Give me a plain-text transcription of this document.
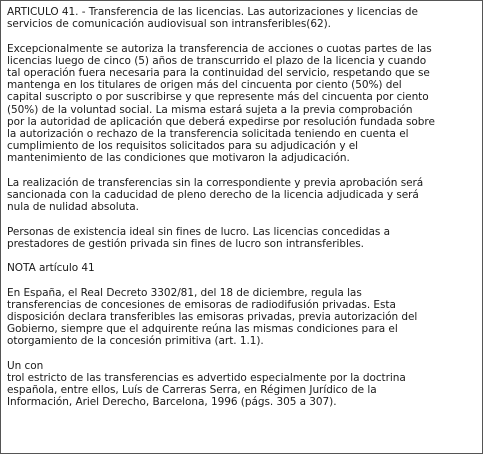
ARTICULO 41. - Transferencia de las licencias. Las autorizaciones y licencias de
servicios de comunicación audiovisual son intransferibles(62).

Excepcionalmente se autoriza la transferencia de acciones o cuotas partes de las
licencias luego de cinco (5) años de transcurrido el plazo de la licencia y cuando
tal operación fuera necesaria para la continuidad del servicio, respetando que se
mantenga en los titulares de origen más del cincuenta por ciento (50%) del
capital suscripto o por suscribirse y que represente más del cincuenta por ciento
(50%) de la voluntad social. La misma estará sujeta a la previa comprobación
por la autoridad de aplicación que deberá expedirse por resolución fundada sobre
la autorización o rechazo de la transferencia solicitada teniendo en cuenta el
cumplimiento de los requisitos solicitados para su adjudicación y el
mantenimiento de las condiciones que motivaron la adjudicación.

La realización de transferencias sin la correspondiente y previa aprobación será
sancionada con la caducidad de pleno derecho de la licencia adjudicada y será
nula de nulidad absoluta.

Personas de existencia ideal sin fines de lucro. Las licencias concedidas a
prestadores de gestión privada sin fines de lucro son intransferibles.

NOTA artículo 41

En España, el Real Decreto 3302/81, del 18 de diciembre, regula las
transferencias de concesiones de emisoras de radiodifusión privadas. Esta
disposición declara transferibles las emisoras privadas, previa autorización del
Gobierno, siempre que el adquirente reúna las mismas condiciones para el
otorgamiento de la concesión primitiva (art. 1.1).

Un con
trol estricto de las transferencias es advertido especialmente por la doctrina
española, entre ellos, Luís de Carreras Serra, en Régimen Jurídico de la
Información, Ariel Derecho, Barcelona, 1996 (págs. 305 a 307).
